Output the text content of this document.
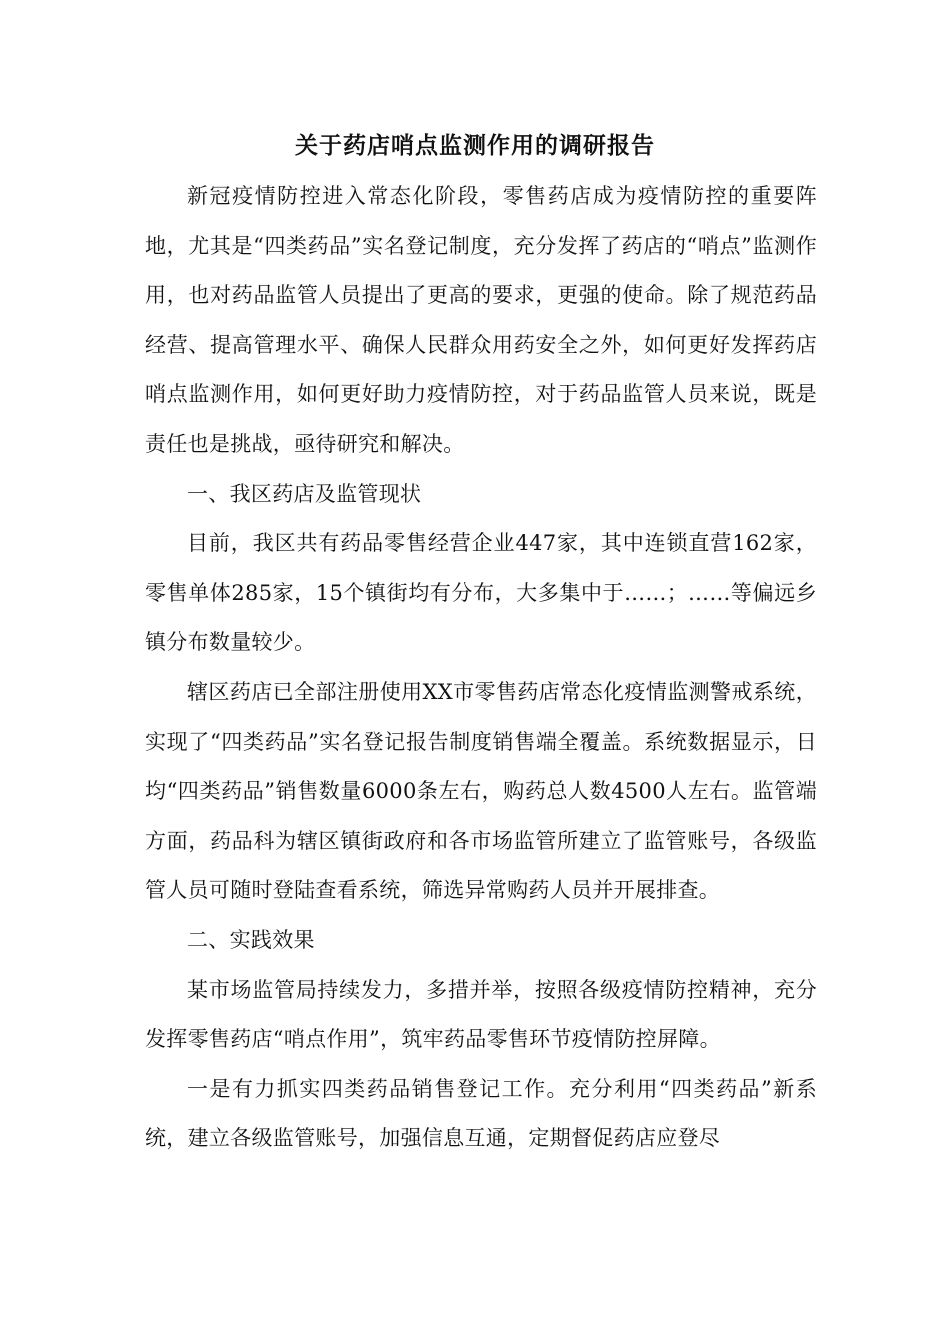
关于药店哨点监测作用的调研报告

新冠疫情防控进入常态化阶段，零售药店成为疫情防控的重要阵地，尤其是“四类药品”实名登记制度，充分发挥了药店的“哨点”监测作用，也对药品监管人员提出了更高的要求，更强的使命。除了规范药品经营、提高管理水平、确保人民群众用药安全之外，如何更好发挥药店哨点监测作用，如何更好助力疫情防控，对于药品监管人员来说，既是责任也是挑战，亟待研究和解决。

一、我区药店及监管现状

目前，我区共有药品零售经营企业447家，其中连锁直营162家，零售单体285家，15个镇街均有分布，大多集中于……；……等偏远乡镇分布数量较少。

辖区药店已全部注册使用XX市零售药店常态化疫情监测警戒系统，实现了“四类药品”实名登记报告制度销售端全覆盖。系统数据显示，日均“四类药品”销售数量6000条左右，购药总人数4500人左右。监管端方面，药品科为辖区镇街政府和各市场监管所建立了监管账号，各级监管人员可随时登陆查看系统，筛选异常购药人员并开展排查。

二、实践效果

某市场监管局持续发力，多措并举，按照各级疫情防控精神，充分发挥零售药店“哨点作用”，筑牢药品零售环节疫情防控屏障。

一是有力抓实四类药品销售登记工作。充分利用“四类药品”新系统，建立各级监管账号，加强信息互通，定期督促药店应登尽
